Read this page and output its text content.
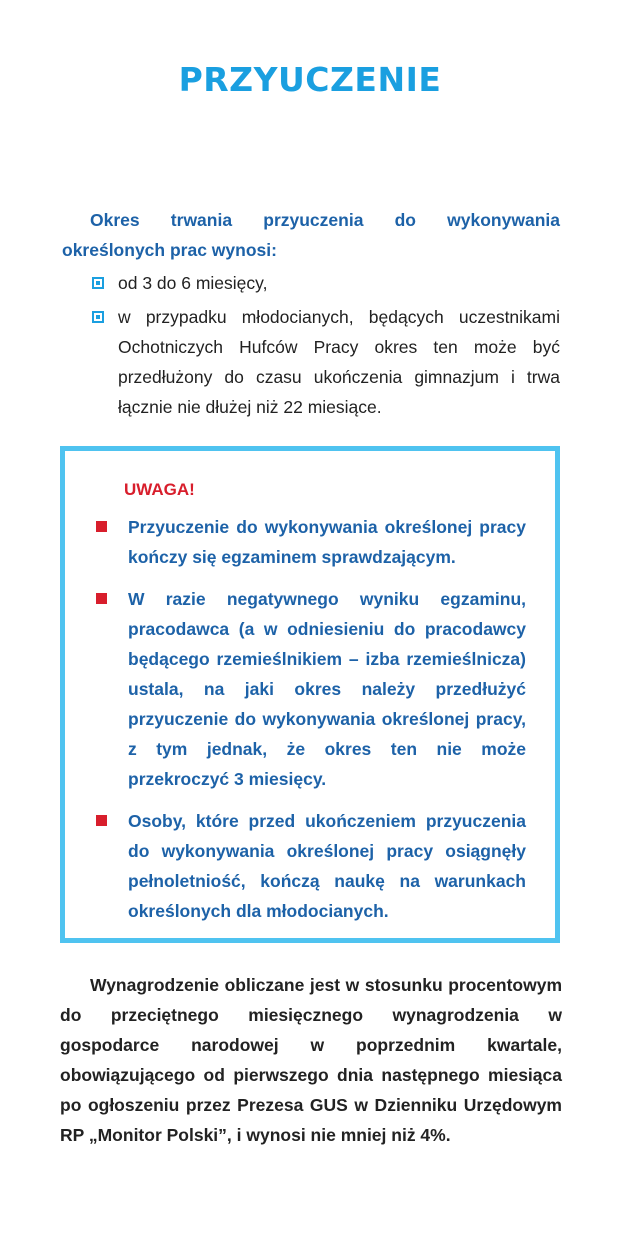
PRZYUCZENIE
Okres trwania przyuczenia do wykonywania określonych prac wynosi:
od 3 do 6 miesięcy,
w przypadku młodocianych, będących uczestnikami Ochotniczych Hufców Pracy okres ten może być przedłużony do czasu ukończenia gimnazjum i trwa łącznie nie dłużej niż 22 miesiące.
UWAGA!
Przyuczenie do wykonywania określonej pracy kończy się egzaminem sprawdzającym.
W razie negatywnego wyniku egzaminu, pracodawca (a w odniesieniu do pracodawcy będącego rzemieślnikiem – izba rzemieślnicza) ustala, na jaki okres należy przedłużyć przyuczenie do wykonywania określonej pracy, z tym jednak, że okres ten nie może przekroczyć 3 miesięcy.
Osoby, które przed ukończeniem przyuczenia do wykonywania określonej pracy osiągnęły pełnoletniość, kończą naukę na warunkach określonych dla młodocianych.
Wynagrodzenie obliczane jest w stosunku procentowym do przeciętnego miesięcznego wynagrodzenia w gospodarce narodowej w poprzednim kwartale, obowiązującego od pierwszego dnia następnego miesiąca po ogłoszeniu przez Prezesa GUS w Dzienniku Urzędowym RP „Monitor Polski”, i wynosi nie mniej niż 4%.
